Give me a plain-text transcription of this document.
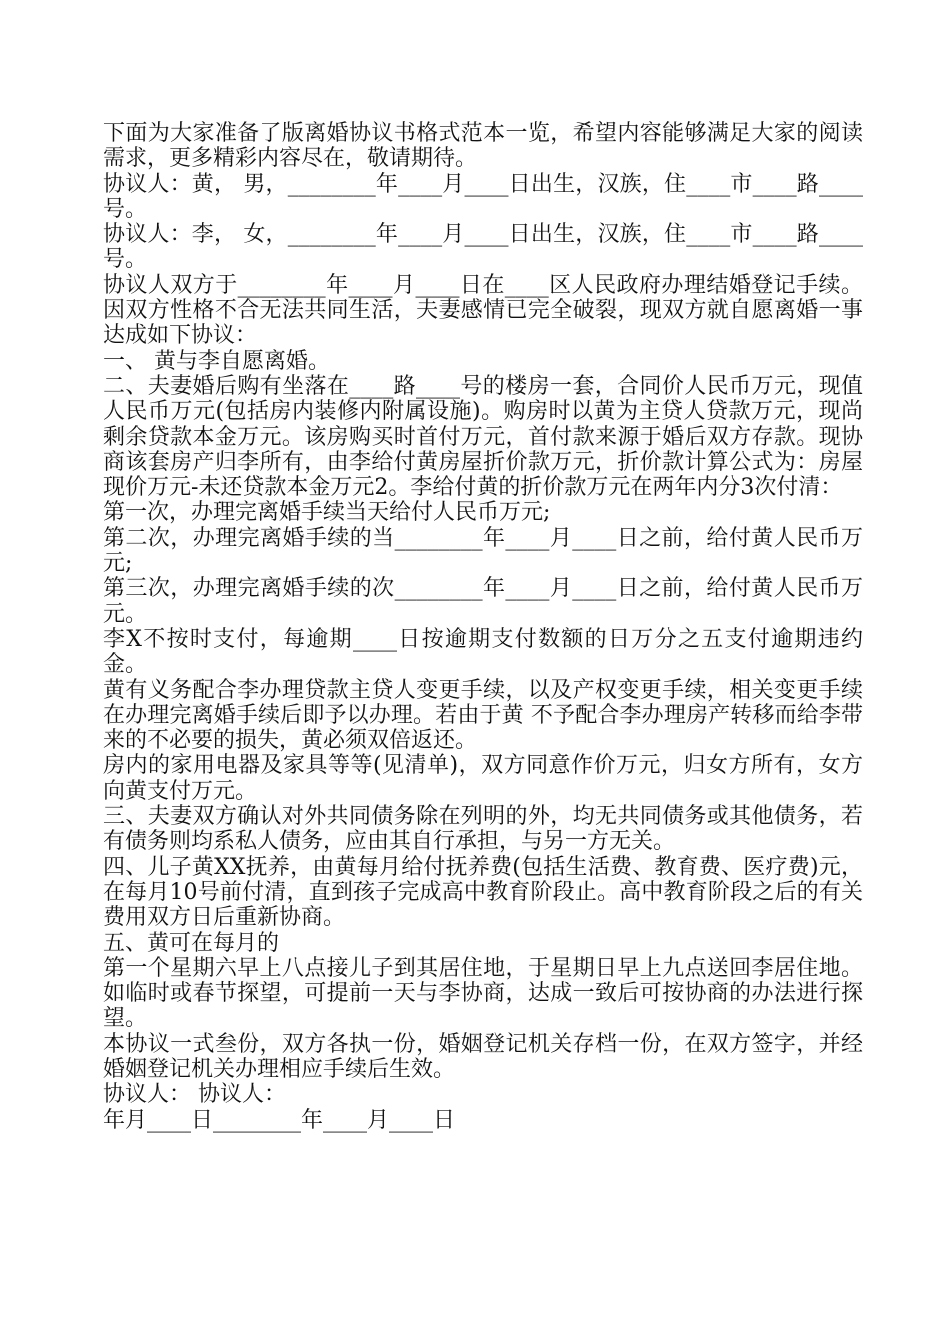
下面为大家准备了版离婚协议书格式范本一览，希望内容能够满足大家的阅读需求，更多精彩内容尽在，敬请期待。

协议人：黄， 男，________年____月____日出生，汉族，住____市____路____号。

协议人：李， 女，________年____月____日出生，汉族，住____市____路____号。

协议人双方于________年____月____日在____区人民政府办理结婚登记手续。因双方性格不合无法共同生活，夫妻感情已完全破裂，现双方就自愿离婚一事达成如下协议：

一、 黄与李自愿离婚。

二、夫妻婚后购有坐落在____路____号的楼房一套，合同价人民币万元，现值人民币万元(包括房内装修内附属设施)。购房时以黄为主贷人贷款万元，现尚剩余贷款本金万元。该房购买时首付万元，首付款来源于婚后双方存款。现协商该套房产归李所有，由李给付黄房屋折价款万元，折价款计算公式为：房屋现价万元-未还贷款本金万元2。李给付黄的折价款万元在两年内分3次付清：

第一次，办理完离婚手续当天给付人民币万元;

第二次，办理完离婚手续的当________年____月____日之前，给付黄人民币万元;

第三次，办理完离婚手续的次________年____月____日之前，给付黄人民币万元。

李X不按时支付，每逾期____日按逾期支付数额的日万分之五支付逾期违约金。

黄有义务配合李办理贷款主贷人变更手续，以及产权变更手续，相关变更手续在办理完离婚手续后即予以办理。若由于黄 不予配合李办理房产转移而给李带来的不必要的损失，黄必须双倍返还。

房内的家用电器及家具等等(见清单)，双方同意作价万元，归女方所有，女方向黄支付万元。

三、夫妻双方确认对外共同债务除在列明的外，均无共同债务或其他债务，若有债务则均系私人债务，应由其自行承担，与另一方无关。

四、儿子黄XX抚养，由黄每月给付抚养费(包括生活费、教育费、医疗费)元，在每月10号前付清，直到孩子完成高中教育阶段止。高中教育阶段之后的有关费用双方日后重新协商。

五、黄可在每月的

第一个星期六早上八点接儿子到其居住地，于星期日早上九点送回李居住地。如临时或春节探望，可提前一天与李协商，达成一致后可按协商的办法进行探望。

本协议一式叁份，双方各执一份，婚姻登记机关存档一份，在双方签字，并经婚姻登记机关办理相应手续后生效。

协议人： 协议人：

年月____日________年____月____日
